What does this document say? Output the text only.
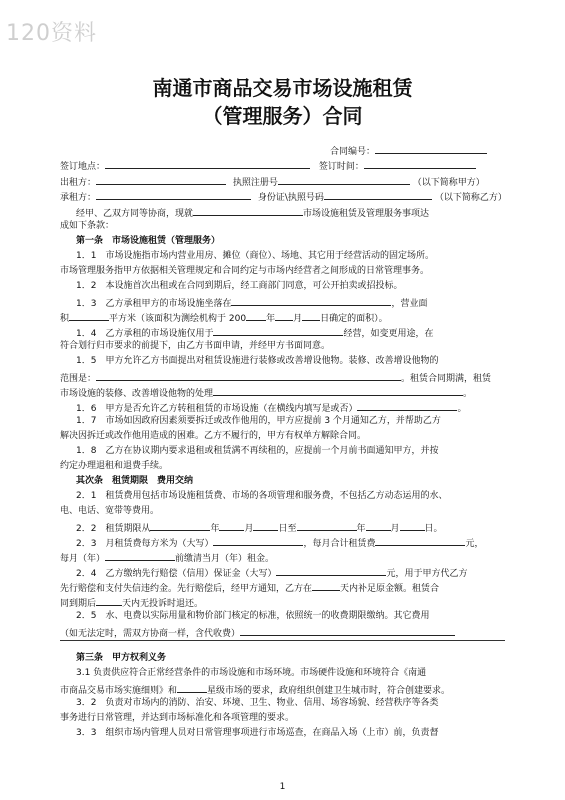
120资料
南通市商品交易市场设施租赁
（管理服务）合同
合同编号：
签订地点：	签订时间：
出租方：	执照注册号	（以下简称甲方）
承租方：	身份证\执照号码	（以下简称乙方）
经甲、乙双方同等协商，现就	市场设施租赁及管理服务事项达
成如下条款：
第一条　市场设施租赁（管理服务）
1．1　市场设施指市场内营业用房、摊位（商位）、场地、其它用于经营活动的固定场所。
市场管理服务指甲方依据相关管理规定和合同约定与市场内经营者之间形成的日常管理事务。
1．2　本设施首次出租或在合同到期后，经工商部门同意，可公开拍卖或招投标。
1．3　乙方承租甲方的市场设施坐落在	，营业面
积	平方米（该面积为测绘机构于 200 年 月 日确定的面积）。
1．4　乙方承租的市场设施仅用于	经营，如变更用途，在
符合划行归市要求的前提下，由乙方书面申请，并经甲方书面同意。
1．5　甲方允许乙方书面提出对租赁设施进行装修或改善增设他物。装修、改善增设他物的
范围是：	。租赁合同期满，租赁
市场设施的装修、改善增设他物的处理	。
1．6　甲方是否允许乙方转租租赁的市场设施（在横线内填写是或否）	。
1．7　市场如因政府因素须要拆迁或改作他用的，甲方应提前 3 个月通知乙方，并帮助乙方
解决因拆迁或改作他用造成的困难。乙方不履行的，甲方有权单方解除合同。
1．8　乙方在协议期内要求退租或租赁满不再续租的，应提前一个月前书面通知甲方，并按
约定办理退租和退费手续。
其次条　租赁期限　费用交纳
2．1　租赁费用包括市场设施租赁费、市场的各项管理和服务费，不包括乙方动态运用的水、
电、电话、宽带等费用。
2．2　租赁期限从	年	月	日至	年	月	日。
2．3　月租赁费每方米为（大写）	，每月合计租赁费	元，
每月（年）	前缴清当月（年）租金。
2．4　乙方缴纳先行赔偿（信用）保证金（大写）	元，用于甲方代乙方
先行赔偿和支付失信违约金。先行赔偿后，经甲方通知，乙方在	天内补足原金额。租赁合
同到期后	天内无投诉时退还。
2．5　水、电费以实际用量和物价部门核定的标准，依照统一的收费期限缴纳。其它费用
（如无法定时，需双方协商一样，含代收费）
第三条　甲方权利义务
3.1 负责供应符合正常经营条件的市场设施和市场环境。市场硬件设施和环境符合《南通
市商品交易市场实施细则》和	星级市场的要求，政府组织创建卫生城市时，符合创建要求。
3．2　负责对市场内的消防、治安、环境、卫生、物业、信用、场容场貌、经营秩序等各类
事务进行日常管理，并达到市场标准化和各项管理的要求。
3．3　组织市场内管理人员对日常管理事项进行市场巡查，在商品入场（上市）前，负责督
1
